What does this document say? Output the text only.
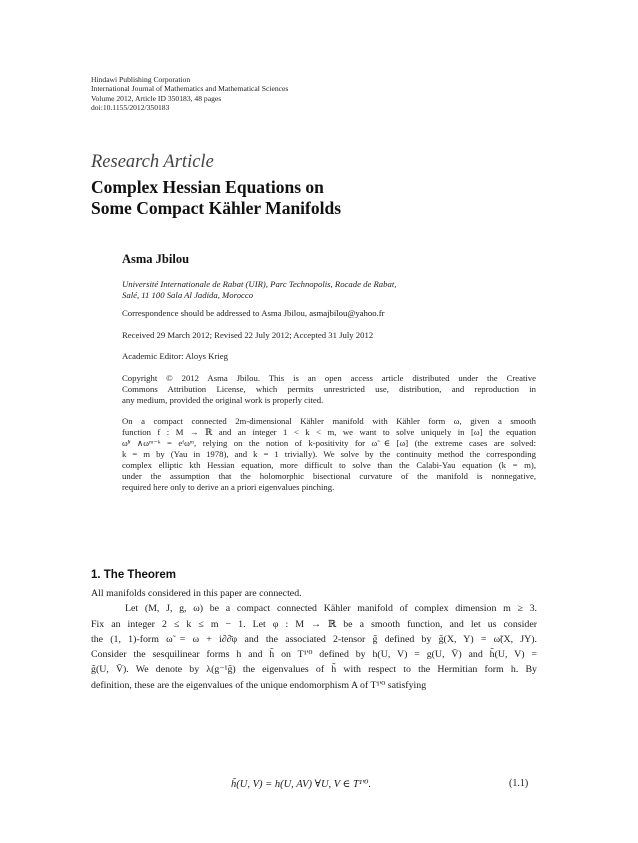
Hindawi Publishing Corporation
International Journal of Mathematics and Mathematical Sciences
Volume 2012, Article ID 350183, 48 pages
doi:10.1155/2012/350183
Research Article
Complex Hessian Equations on
Some Compact Kähler Manifolds
Asma Jbilou
Université Internationale de Rabat (UIR), Parc Technopolis, Rocade de Rabat,
Salé, 11 100 Sala Al Jadida, Morocco
Correspondence should be addressed to Asma Jbilou, asmajbilou@yahoo.fr
Received 29 March 2012; Revised 22 July 2012; Accepted 31 July 2012
Academic Editor: Aloys Krieg
Copyright © 2012 Asma Jbilou. This is an open access article distributed under the Creative
Commons Attribution License, which permits unrestricted use, distribution, and reproduction in
any medium, provided the original work is properly cited.
On a compact connected 2m-dimensional Kähler manifold with Kähler form ω, given a smooth
function f : M → ℝ and an integer 1 < k < m, we want to solve uniquely in [ω] the equation
ω̃ᵏ ∧ωᵐ⁻ᵏ = eᶠωᵐ, relying on the notion of k-positivity for ω̃ ∈ [ω] (the extreme cases are solved:
k = m by (Yau in 1978), and k = 1 trivially). We solve by the continuity method the corresponding
complex elliptic kth Hessian equation, more difficult to solve than the Calabi-Yau equation (k = m),
under the assumption that the holomorphic bisectional curvature of the manifold is nonnegative,
required here only to derive an a priori eigenvalues pinching.
1. The Theorem
All manifolds considered in this paper are connected.
Let (M, J, g, ω) be a compact connected Kähler manifold of complex dimension m ≥ 3.
Fix an integer 2 ≤ k ≤ m − 1. Let φ : M → ℝ be a smooth function, and let us consider
the (1, 1)-form ω̃ = ω + i∂∂̄φ and the associated 2-tensor g̃ defined by g̃(X, Y) = ω̃(X, JY).
Consider the sesquilinear forms h and h̃ on T¹'⁰ defined by h(U, V) = g(U, V̄) and h̃(U, V) =
g̃(U, V̄). We denote by λ(g⁻¹g̃) the eigenvalues of h̃ with respect to the Hermitian form h. By
definition, these are the eigenvalues of the unique endomorphism A of T¹'⁰ satisfying
h̃(U, V) = h(U, AV) ∀U, V ∈ T¹'⁰.	(1.1)
